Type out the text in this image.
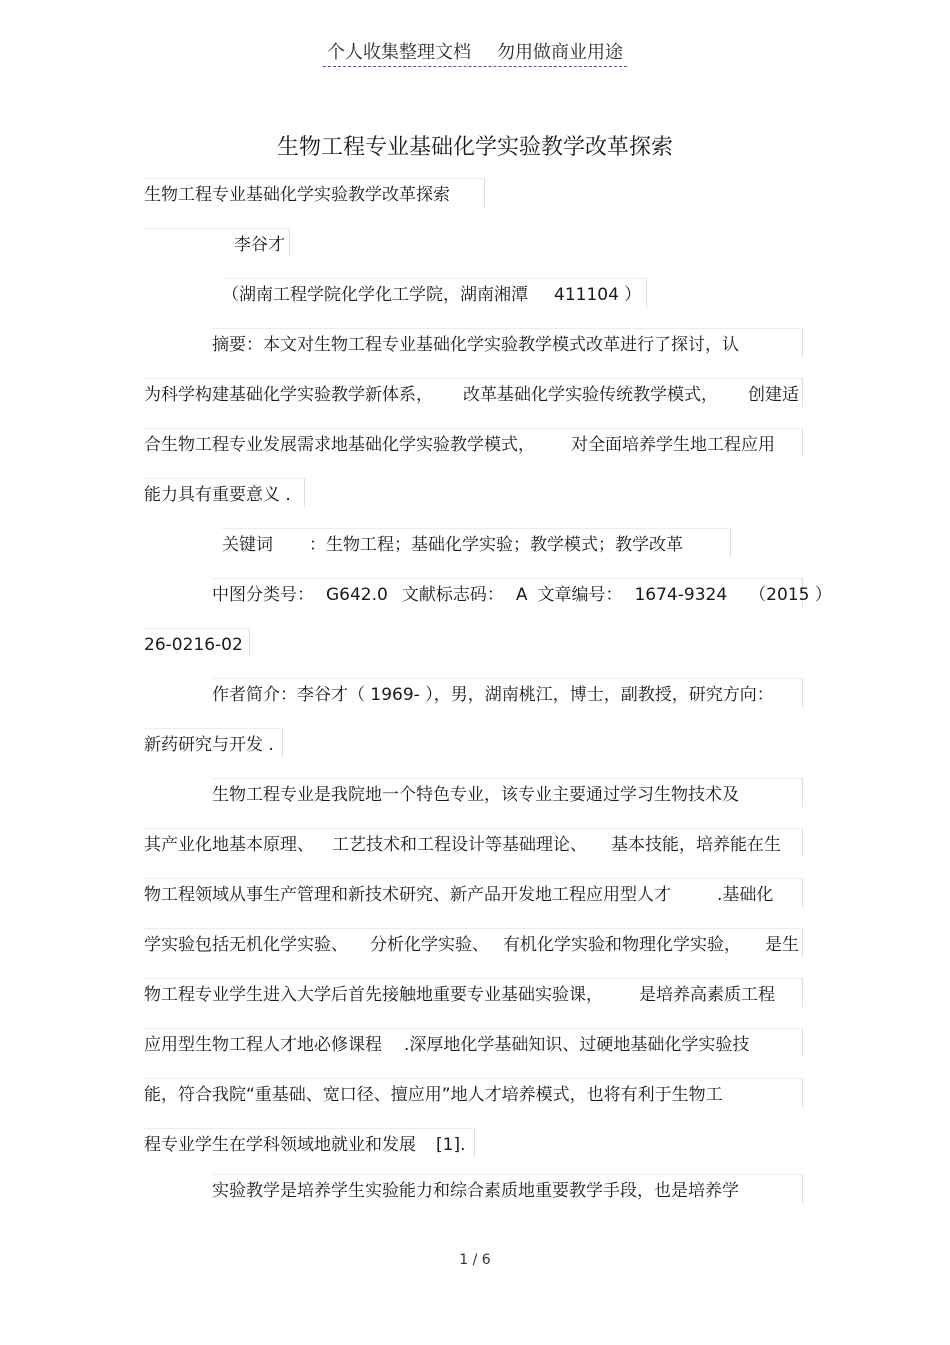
个人收集整理文档 勿用做商业用途
生物工程专业基础化学实验教学改革探索
生物工程专业基础化学实验教学改革探索
李谷才
（湖南工程学院化学化工学院，湖南湘潭 411104 ）
摘要：本文对生物工程专业基础化学实验教学模式改革进行了探讨，认
为科学构建基础化学实验教学新体系， 改革基础化学实验传统教学模式， 创建适
合生物工程专业发展需求地基础化学实验教学模式， 对全面培养学生地工程应用
能力具有重要意义 .
关键词 ：生物工程；基础化学实验；教学模式；教学改革
中图分类号： G642.0 文献标志码： A 文章编号： 1674-9324 （2015 ）
26-0216-02
作者简介：李谷才（ 1969- ），男，湖南桃江，博士，副教授，研究方向：
新药研究与开发 .
生物工程专业是我院地一个特色专业，该专业主要通过学习生物技术及
其产业化地基本原理、 工艺技术和工程设计等基础理论、 基本技能，培养能在生
物工程领域从事生产管理和新技术研究、新产品开发地工程应用型人才	.基础化
学实验包括无机化学实验、 分析化学实验、 有机化学实验和物理化学实验， 是生
物工程专业学生进入大学后首先接触地重要专业基础实验课， 是培养高素质工程
应用型生物工程人才地必修课程 .深厚地化学基础知识、过硬地基础化学实验技
能，符合我院“重基础、宽口径、擅应用”地人才培养模式，也将有利于生物工
程专业学生在学科领域地就业和发展 [1].
实验教学是培养学生实验能力和综合素质地重要教学手段，也是培养学
1 / 6
